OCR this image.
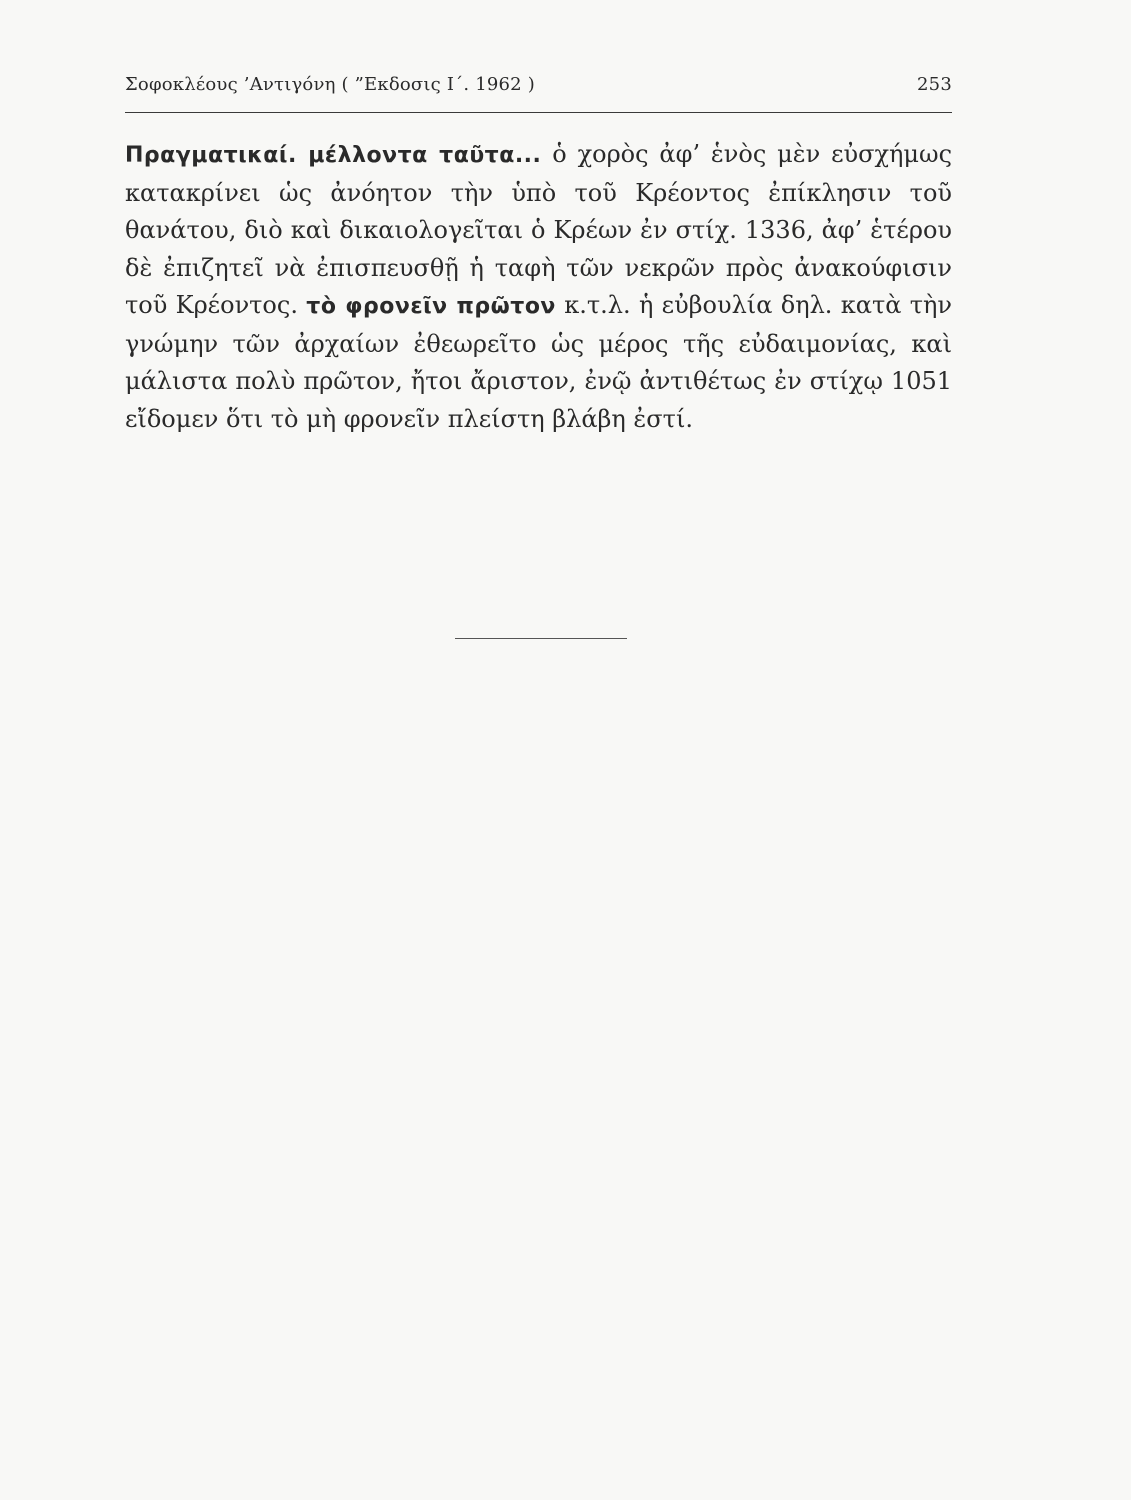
Σοφοκλέους ’Αντιγόνη ( ”Εκδοσις Ι΄. 1962 )	253

Πραγματικαί. μέλλοντα ταῦτα... ὁ χορὸς ἀφ’ ἑνὸς μὲν εὐσχήμως κατακρίνει ὡς ἀνόητον τὴν ὑπὸ τοῦ Κρέοντος ἐπίκλησιν τοῦ θανάτου, διὸ καὶ δικαιολογεῖται ὁ Κρέων ἐν στίχ. 1336, ἀφ’ ἑτέρου δὲ ἐπιζητεῖ νὰ ἐπισπευσθῇ ἡ ταφὴ τῶν νεκρῶν πρὸς ἀνακούφισιν τοῦ Κρέοντος. τὸ φρονεῖν πρῶτον κ.τ.λ. ἡ εὐβουλία δηλ. κατὰ τὴν γνώμην τῶν ἀρχαίων ἐθεωρεῖτο ὡς μέρος τῆς εὐδαιμονίας, καὶ μάλιστα πολὺ πρῶτον, ἤτοι ἄριστον, ἐνῷ ἀντιθέτως ἐν στίχῳ 1051 εἴδομεν ὅτι τὸ μὴ φρονεῖν πλείστη βλάβη ἐστί.
